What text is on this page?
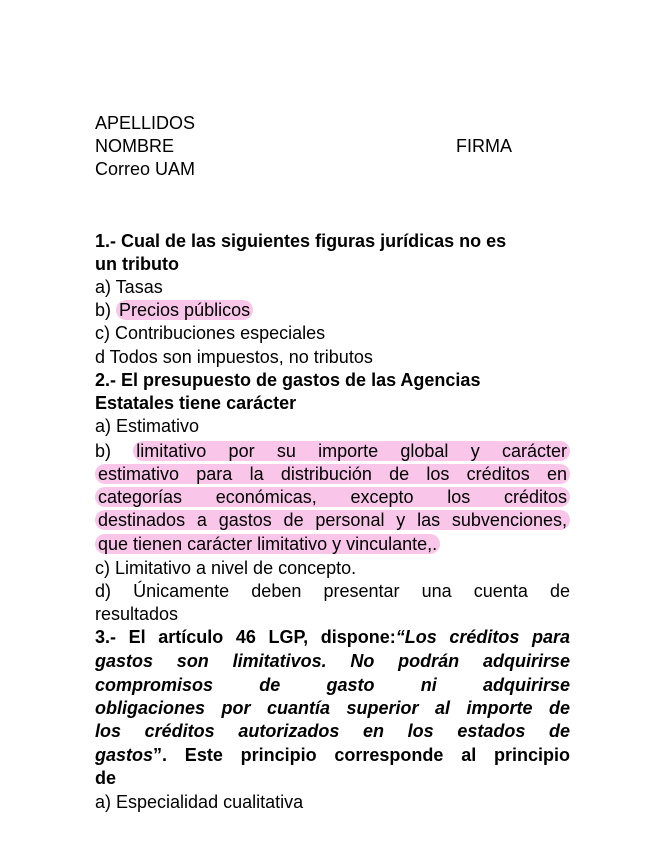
APELLIDOS
NOMBRE	FIRMA
Correo UAM
1.- Cual de las siguientes figuras jurídicas no es
un tributo
a) Tasas
b) Precios públicos
c) Contribuciones especiales
d Todos son impuestos, no tributos
2.- El presupuesto de gastos de las Agencias
Estatales tiene carácter
a) Estimativo
b) limitativo por su importe global y carácter
estimativo para la distribución de los créditos en
categorías económicas, excepto los créditos
destinados a gastos de personal y las subvenciones,
que tienen carácter limitativo y vinculante,.
c) Limitativo a nivel de concepto.
d) Únicamente deben presentar una cuenta de
resultados
3.- El artículo 46 LGP, dispone:“Los créditos para
gastos son limitativos. No podrán adquirirse
compromisos de gasto ni adquirirse
obligaciones por cuantía superior al importe de
los créditos autorizados en los estados de
gastos”. Este principio corresponde al principio
de
a) Especialidad cualitativa
